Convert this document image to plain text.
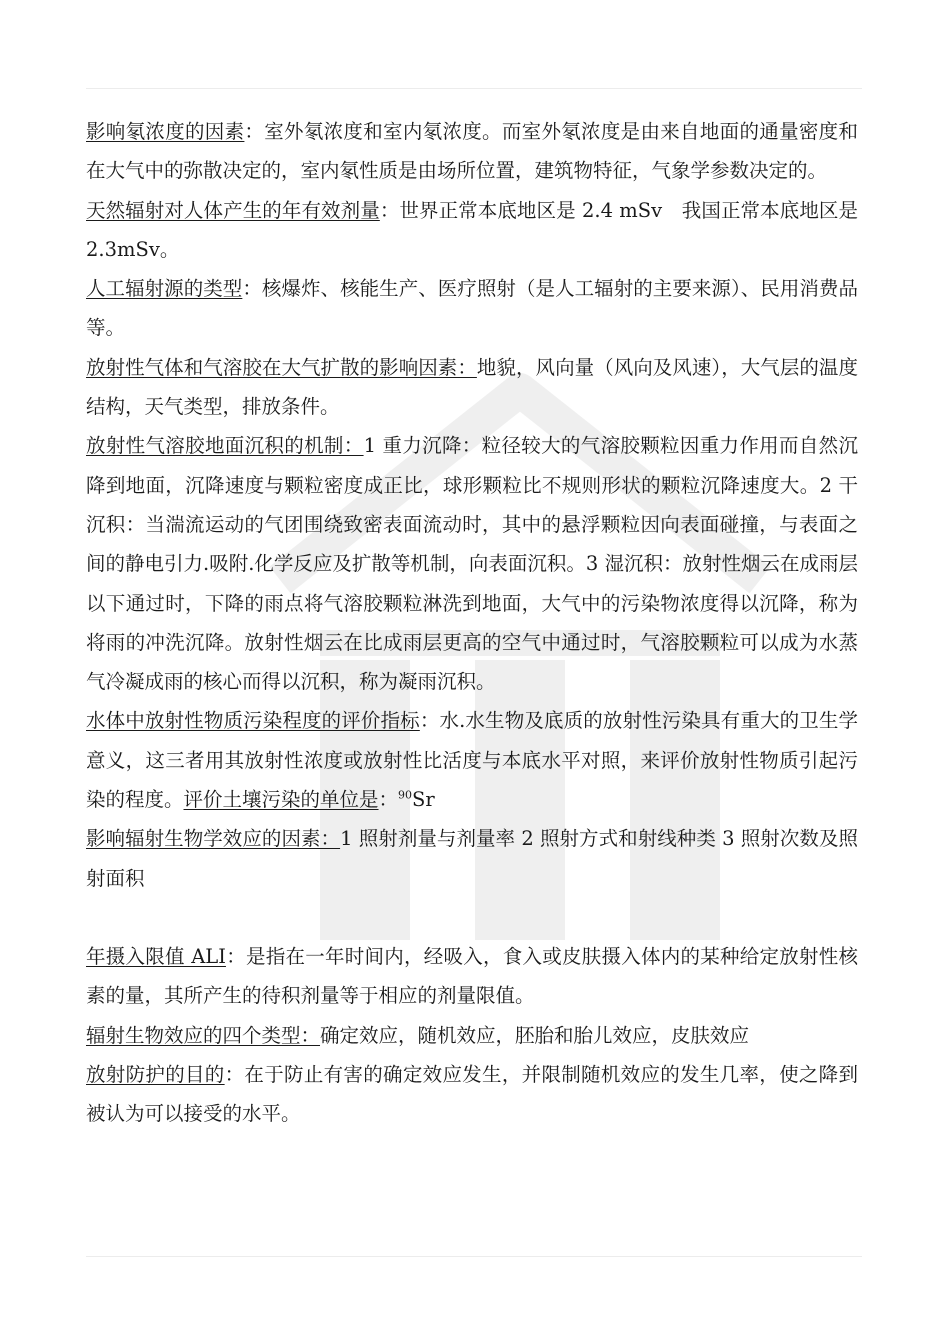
影响氡浓度的因素：室外氡浓度和室内氡浓度。而室外氡浓度是由来自地面的通量密度和在大气中的弥散决定的，室内氡性质是由场所位置，建筑物特征，气象学参数决定的。

天然辐射对人体产生的年有效剂量：世界正常本底地区是 2.4 mSv　我国正常本底地区是 2.3mSv。

人工辐射源的类型：核爆炸、核能生产、医疗照射（是人工辐射的主要来源）、民用消费品等。

放射性气体和气溶胶在大气扩散的影响因素：地貌，风向量（风向及风速），大气层的温度结构，天气类型，排放条件。

放射性气溶胶地面沉积的机制：1 重力沉降：粒径较大的气溶胶颗粒因重力作用而自然沉降到地面，沉降速度与颗粒密度成正比，球形颗粒比不规则形状的颗粒沉降速度大。2 干沉积：当湍流运动的气团围绕致密表面流动时，其中的悬浮颗粒因向表面碰撞，与表面之间的静电引力.吸附.化学反应及扩散等机制，向表面沉积。3 湿沉积：放射性烟云在成雨层以下通过时，下降的雨点将气溶胶颗粒淋洗到地面，大气中的污染物浓度得以沉降，称为将雨的冲洗沉降。放射性烟云在比成雨层更高的空气中通过时，气溶胶颗粒可以成为水蒸气冷凝成雨的核心而得以沉积，称为凝雨沉积。

水体中放射性物质污染程度的评价指标：水.水生物及底质的放射性污染具有重大的卫生学意义，这三者用其放射性浓度或放射性比活度与本底水平对照，来评价放射性物质引起污染的程度。评价土壤污染的单位是：$^{90}$Sr

影响辐射生物学效应的因素：1 照射剂量与剂量率 2 照射方式和射线种类 3 照射次数及照射面积

年摄入限值 ALI：是指在一年时间内，经吸入，食入或皮肤摄入体内的某种给定放射性核素的量，其所产生的待积剂量等于相应的剂量限值。

辐射生物效应的四个类型：确定效应，随机效应，胚胎和胎儿效应，皮肤效应

放射防护的目的：在于防止有害的确定效应发生，并限制随机效应的发生几率，使之降到被认为可以接受的水平。
